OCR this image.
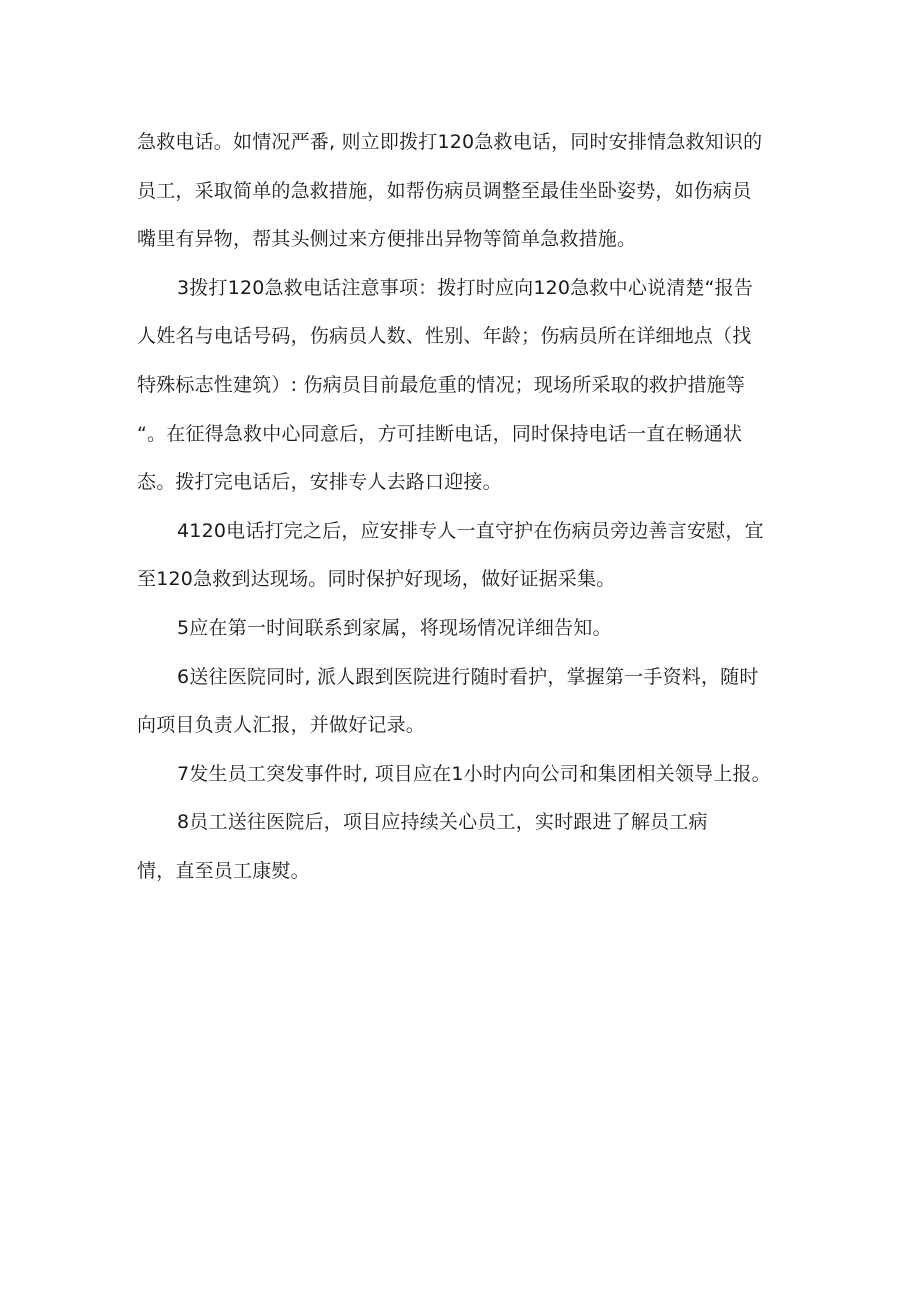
急救电话。如情况严番, 则立即拨打120急救电话，同时安排情急救知识的
员工，采取简单的急救措施，如帮伤病员调整至最佳坐卧姿势，如伤病员
嘴里有异物，帮其头侧过来方便排出异物等简单急救措施。
3拨打120急救电话注意事项：拨打时应向120急救中心说清楚“报告
人姓名与电话号码，伤病员人数、性别、年龄；伤病员所在详细地点（找
特殊标志性建筑）: 伤病员目前最危重的情况；现场所采取的救护措施等
“。在征得急救中心同意后，方可挂断电话，同时保持电话一直在畅通状
态。拨打完电话后，安排专人去路口迎接。
4120电话打完之后，应安排专人一直守护在伤病员旁边善言安慰，宜
至120急救到达现场。同时保护好现场，做好证据采集。
5应在第一时间联系到家属，将现场情况详细告知。
6送往医院同时, 派人跟到医院进行随时看护，掌握第一手资料，随时
向项目负责人汇报，并做好记录。
7发生员工突发事件时, 项目应在1小时内向公司和集团相关领导上报。
8员工送往医院后，项目应持续关心员工，实时跟进了解员工病
情，直至员工康熨。
